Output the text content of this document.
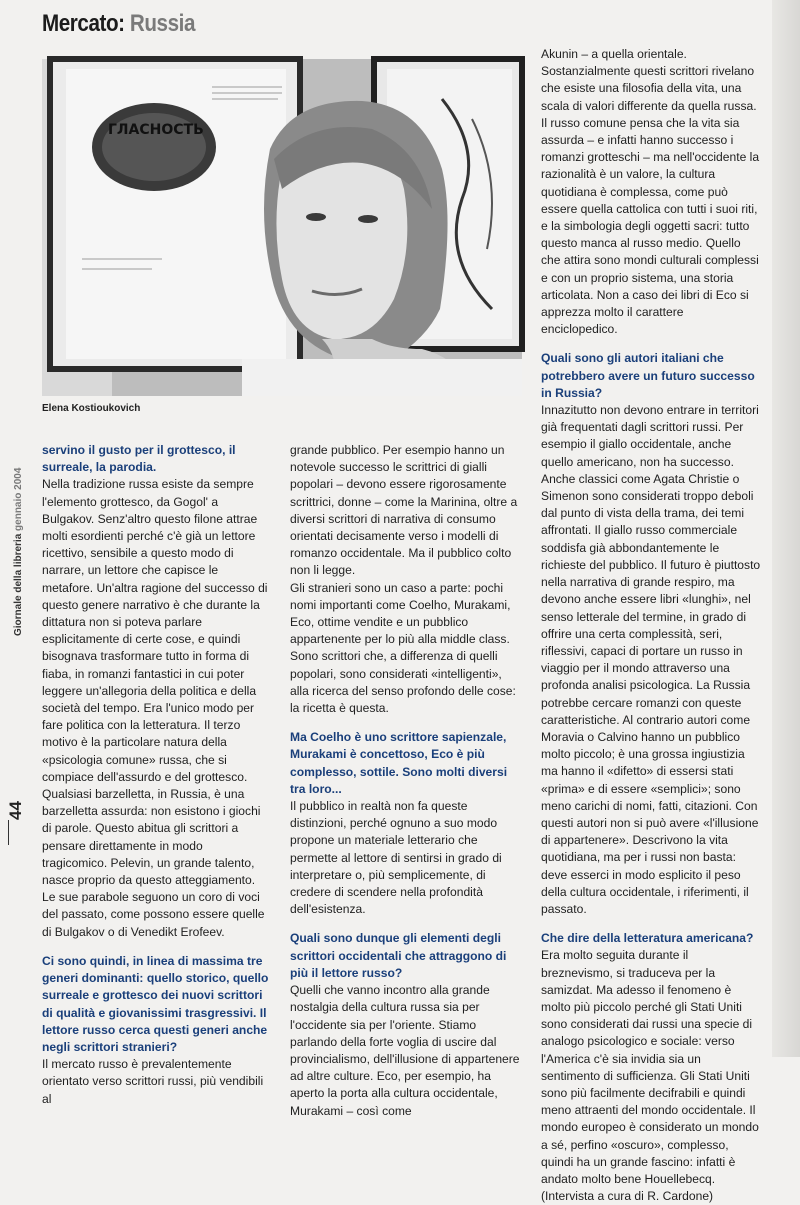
Mercato: Russia
ГЛАСНОСТЬ
Elena Kostioukovich

servino il gusto per il grottesco, il surreale, la parodia.

Nella tradizione russa esiste da sempre l'elemento grottesco, da Gogol' a Bulgakov. Senz'altro questo filone attrae molti esordienti perché c'è già un lettore ricettivo, sensibile a questo modo di narrare, un lettore che capisce le metafore. Un'altra ragione del successo di questo genere narrativo è che durante la dittatura non si poteva parlare esplicitamente di certe cose, e quindi bisognava trasformare tutto in forma di fiaba, in romanzi fantastici in cui poter leggere un'allegoria della politica e della società del tempo. Era l'unico modo per fare politica con la letteratura. Il terzo motivo è la particolare natura della «psicologia comune» russa, che si compiace dell'assurdo e del grottesco. Qualsiasi barzelletta, in Russia, è una barzelletta assurda: non esistono i giochi di parole. Questo abitua gli scrittori a pensare direttamente in modo tragicomico. Pelevin, un grande talento, nasce proprio da questo atteggiamento. Le sue parabole seguono un coro di voci del passato, come possono essere quelle di Bulgakov o di Venedikt Erofeev.

Ci sono quindi, in linea di massima tre generi dominanti: quello storico, quello surreale e grottesco dei nuovi scrittori di qualità e giovanissimi trasgressivi. Il lettore russo cerca questi generi anche negli scrittori stranieri?

Il mercato russo è prevalentemente orientato verso scrittori russi, più vendibili al

grande pubblico. Per esempio hanno un notevole successo le scrittrici di gialli popolari – devono essere rigorosamente scrittrici, donne – come la Marinina, oltre a diversi scrittori di narrativa di consumo orientati decisamente verso i modelli di romanzo occidentale. Ma il pubblico colto non li legge.

Gli stranieri sono un caso a parte: pochi nomi importanti come Coelho, Murakami, Eco, ottime vendite e un pubblico appartenente per lo più alla middle class. Sono scrittori che, a differenza di quelli popolari, sono considerati «intelligenti», alla ricerca del senso profondo delle cose: la ricetta è questa.

Ma Coelho è uno scrittore sapienzale, Murakami è concettoso, Eco è più complesso, sottile. Sono molti diversi tra loro...

Il pubblico in realtà non fa queste distinzioni, perché ognuno a suo modo propone un materiale letterario che permette al lettore di sentirsi in grado di interpretare o, più semplicemente, di credere di scendere nella profondità dell'esistenza.

Quali sono dunque gli elementi degli scrittori occidentali che attraggono di più il lettore russo?

Quelli che vanno incontro alla grande nostalgia della cultura russa sia per l'occidente sia per l'oriente. Stiamo parlando della forte voglia di uscire dal provincialismo, dell'illusione di appartenere ad altre culture. Eco, per esempio, ha aperto la porta alla cultura occidentale, Murakami – così come

Akunin – a quella orientale. Sostanzialmente questi scrittori rivelano che esiste una filosofia della vita, una scala di valori differente da quella russa. Il russo comune pensa che la vita sia assurda – e infatti hanno successo i romanzi grotteschi – ma nell'occidente la razionalità è un valore, la cultura quotidiana è complessa, come può essere quella cattolica con tutti i suoi riti, e la simbologia degli oggetti sacri: tutto questo manca al russo medio. Quello che attira sono mondi culturali complessi e con un proprio sistema, una storia articolata. Non a caso dei libri di Eco si apprezza molto il carattere enciclopedico.

Quali sono gli autori italiani che potrebbero avere un futuro successo in Russia?

Innazitutto non devono entrare in territori già frequentati dagli scrittori russi. Per esempio il giallo occidentale, anche quello americano, non ha successo. Anche classici come Agata Christie o Simenon sono considerati troppo deboli dal punto di vista della trama, dei temi affrontati. Il giallo russo commerciale soddisfa già abbondantemente le richieste del pubblico. Il futuro è piuttosto nella narrativa di grande respiro, ma devono anche essere libri «lunghi», nel senso letterale del termine, in grado di offrire una certa complessità, seri, riflessivi, capaci di portare un russo in viaggio per il mondo attraverso una profonda analisi psicologica. La Russia potrebbe cercare romanzi con queste caratteristiche. Al contrario autori come Moravia o Calvino hanno un pubblico molto piccolo; è una grossa ingiustizia ma hanno il «difetto» di essersi stati «prima» e di essere «semplici»; sono meno carichi di nomi, fatti, citazioni. Con questi autori non si può avere «l'illusione di appartenere». Descrivono la vita quotidiana, ma per i russi non basta: deve esserci in modo esplicito il peso della cultura occidentale, i riferimenti, il passato.

Che dire della letteratura americana?

Era molto seguita durante il breznevismo, si traduceva per la samizdat. Ma adesso il fenomeno è molto più piccolo perché gli Stati Uniti sono considerati dai russi una specie di analogo psicologico e sociale: verso l'America c'è sia invidia sia un sentimento di sufficienza. Gli Stati Uniti sono più facilmente decifrabili e quindi meno attraenti del mondo occidentale. Il mondo europeo è considerato un mondo a sé, perfino «oscuro», complesso, quindi ha un grande fascino: infatti è andato molto bene Houellebecq. (Intervista a cura di R. Cardone)

44
Giornale della libreria gennaio 2004
